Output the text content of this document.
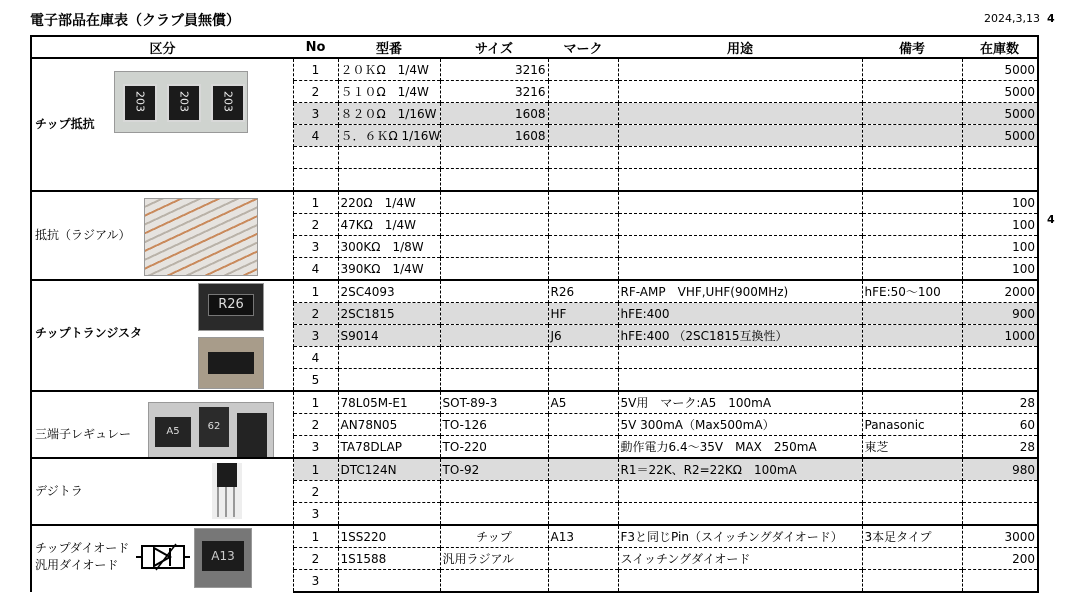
電子部品在庫表（クラブ員無償）	2024,3,13 4
4
区分	No	型番	サイズ	マーク	用途	備考	在庫数

203 203 203
チップ抵抗	1	２０ＫΩ　1/4W	3216				5000
	2	５１０Ω　1/4W	3216				5000
	3	８２０Ω　1/16W	1608				5000
	4	５．６ＫΩ 1/16W	1608				5000

抵抗（ラジアル）	1	220Ω　1/4W					100
	2	47KΩ　1/4W					100
	3	300KΩ　1/8W					100
	4	390KΩ　1/4W					100

R26
チップトランジスタ	1	2SC4093		R26	RF-AMP　VHF,UHF(900MHz)	hFE:50～100	2000
	2	2SC1815		HF	hFE:400		900
	3	S9014		J6	hFE:400 （2SC1815互換性）		1000
	4						
	5						

三端子レギュレー A5 62	1	78L05M-E1	SOT-89-3	A5	5V用　マーク:A5　100mA		28
	2	AN78N05	TO-126		5V 300mA（Max500mA）	Panasonic	60
	3	TA78DLAP	TO-220		動作電力6.4～35V　MAX　250mA	東芝	28

デジトラ	1	DTC124N	TO-92		R1＝22K、R2=22KΩ　100mA		980
	2						
	3						

チップダイオード
汎用ダイオード
A13	1	1SS220	チップ	A13	F3と同じPin（スイッチングダイオード）	3本足タイプ	3000
	2	1S1588	汎用ラジアル		スイッチングダイオード		200
	3						
